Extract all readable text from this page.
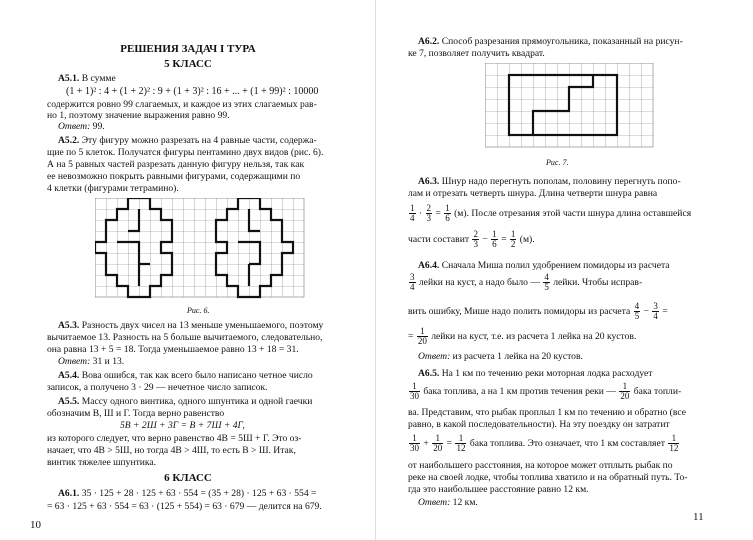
РЕШЕНИЯ ЗАДАЧ I ТУРА
5 КЛАСС
А5.1. В сумме
(1 + 1)² : 4 + (1 + 2)² : 9 + (1 + 3)² : 16 + ... + (1 + 99)² : 10000
содержится ровно 99 слагаемых, и каждое из этих слагаемых рав-
но 1, поэтому значение выражения равно 99.
Ответ: 99.
А5.2. Эту фигуру можно разрезать на 4 равные части, содержа-
щие по 5 клеток. Получатся фигуры пентамино двух видов (рис. 6).
А на 5 равных частей разрезать данную фигуру нельзя, так как
ее невозможно покрыть равными фигурами, содержащими по
4 клетки (фигурами тетрамино).
Рис. 6.
А5.3. Разность двух чисел на 13 меньше уменьшаемого, поэтому
вычитаемое 13. Разность на 5 больше вычитаемого, следовательно,
она равна 13 + 5 = 18. Тогда уменьшаемое равно 13 + 18 = 31.
Ответ: 31 и 13.
А5.4. Вова ошибся, так как всего было написано четное число
записок, а получено 3 · 29 — нечетное число записок.
А5.5. Массу одного винтика, одного шпунтика и одной гаечки
обозначим В, Ш и Г. Тогда верно равенство
5В + 2Ш + 3Г = В + 7Ш + 4Г,
из которого следует, что верно равенство 4В = 5Ш + Г. Это оз-
начает, что 4В > 5Ш, но тогда 4В > 4Ш, то есть В > Ш. Итак,
винтик тяжелее шпунтика.
6 КЛАСС
А6.1. 35 · 125 + 28 · 125 + 63 · 554 = (35 + 28) · 125 + 63 · 554 =
= 63 · 125 + 63 · 554 = 63 · (125 + 554) = 63 · 679 — делится на 679.
10
А6.2. Способ разрезания прямоугольника, показанный на рисун-
ке 7, позволяет получить квадрат.
Рис. 7.
А6.3. Шнур надо перегнуть пополам, половину перегнуть попо-
лам и отрезать четверть шнура. Длина четверти шнура равна
$\frac{1}{4} \cdot \frac{2}{3} = \frac{1}{6} (м)$. После отрезания этой части шнура длина оставшейся
части составит $\frac{2}{3} - \frac{1}{6} = \frac{1}{2} (м)$.
А6.4. Сначала Миша полил удобрением помидоры из расчета
$\frac{3}{4}$ лейки на куст, а надо было — $\frac{4}{5}$ лейки. Чтобы исправ-
вить ошибку, Мише надо полить помидоры из расчета $\frac{4}{5} - \frac{3}{4}$ =
= $\frac{1}{20}$ лейки на куст, т.е. из расчета 1 лейка на 20 кустов.
Ответ: из расчета 1 лейка на 20 кустов.
А6.5. На 1 км по течению реки моторная лодка расходует
$\frac{1}{30}$ бака топлива, а на 1 км против течения реки — $\frac{1}{20}$ бака топли-
ва. Представим, что рыбак проплыл 1 км по течению и обратно (все
равно, в какой последовательности). На эту поездку он затратит
$\frac{1}{30} + \frac{1}{20} = \frac{1}{12}$ бака топлива. Это означает, что 1 км составляет $\frac{1}{12}$
от наибольшего расстояния, на которое может отплыть рыбак по
реке на своей лодке, чтобы топлива хватило и на обратный путь. То-
гда это наибольшее расстояние равно 12 км.
Ответ: 12 км.
11
